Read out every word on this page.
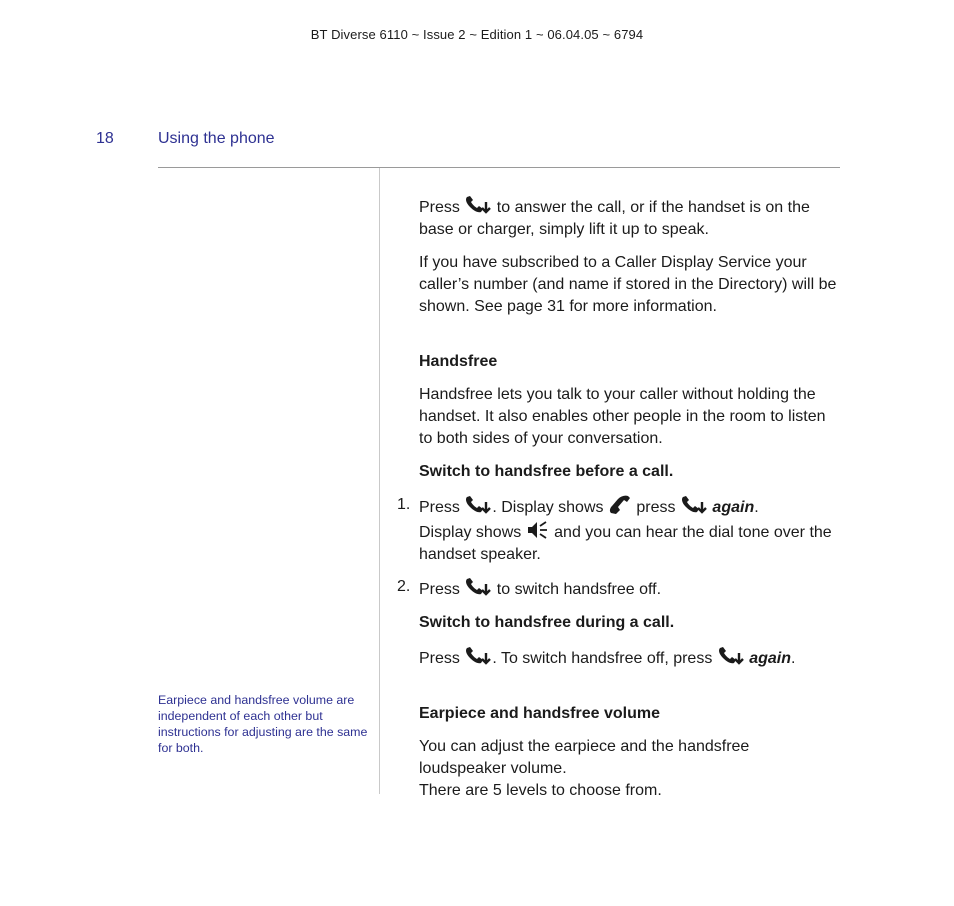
BT Diverse 6110 ~ Issue 2 ~ Edition 1 ~ 06.04.05 ~ 6794
18	Using the phone
Earpiece and handsfree volume are independent of each other but instructions for adjusting are the same for both.

Press
to answer the call, or if the handset is on the base or charger, simply lift it up to speak.

If you have subscribed to a Caller Display Service your caller’s number (and name if stored in the Directory) will be shown. See page 31 for more information.

Handsfree

Handsfree lets you talk to your caller without holding the handset. It also enables other people in the room to listen to both sides of your conversation.

Switch to handsfree before a call.

1. Press . Display shows
press
again.
Display shows
and you can hear the dial tone over the handset speaker.
2. Press
to switch handsfree off.

Switch to handsfree during a call.

Press . To switch handsfree off, press
again.

Earpiece and handsfree volume

You can adjust the earpiece and the handsfree loudspeaker volume.
There are 5 levels to choose from.
